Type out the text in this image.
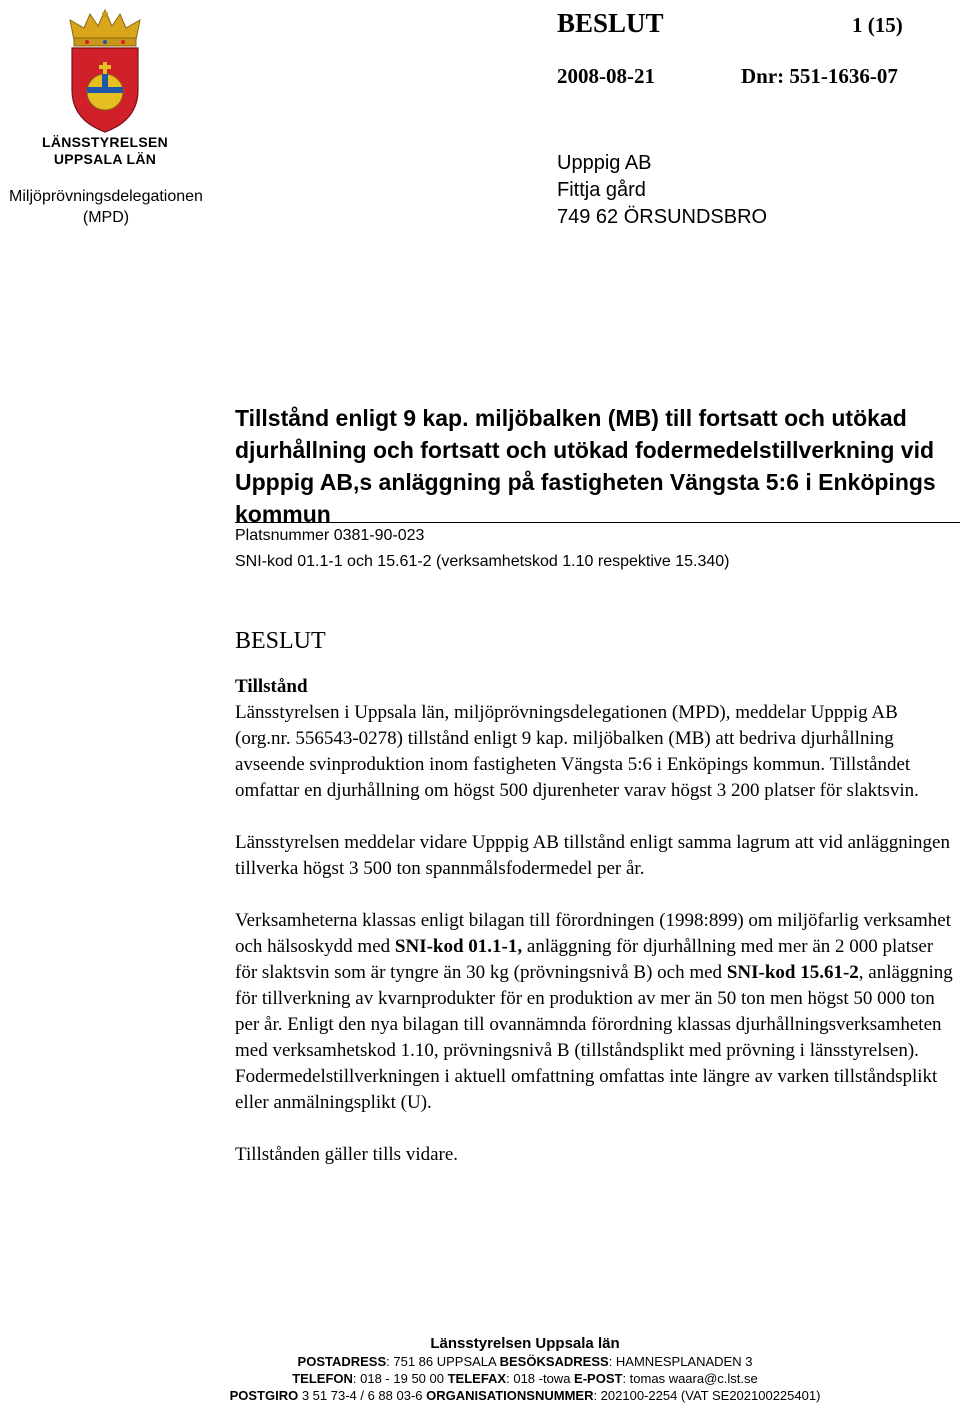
LÄNSSTYRELSEN
UPPSALA LÄN
Miljöprövningsdelegationen
(MPD)
BESLUT	1 (15)
2008-08-21	Dnr: 551-1636-07
Upppig AB
Fittja gård
749 62 ÖRSUNDSBRO
Tillstånd enligt 9 kap. miljöbalken (MB) till fortsatt och utökad djurhållning och fortsatt och utökad fodermedelstillverkning vid Upppig AB,s anläggning på fastigheten Vängsta 5:6 i Enköpings kommun
Platsnummer 0381-90-023
SNI-kod 01.1-1 och 15.61-2 (verksamhetskod 1.10 respektive 15.340)
BESLUT
Tillstånd

Länsstyrelsen i Uppsala län, miljöprövningsdelegationen (MPD), meddelar Upppig AB (org.nr. 556543-0278) tillstånd enligt 9 kap. miljöbalken (MB) att bedriva djurhållning avseende svinproduktion inom fastigheten Vängsta 5:6 i Enköpings kommun. Tillståndet omfattar en djurhållning om högst 500 djurenheter varav högst 3 200 platser för slaktsvin.

Länsstyrelsen meddelar vidare Upppig AB tillstånd enligt samma lagrum att vid anläggningen tillverka högst 3 500 ton spannmålsfodermedel per år.

Verksamheterna klassas enligt bilagan till förordningen (1998:899) om miljöfarlig verksamhet och hälsoskydd med SNI-kod 01.1-1, anläggning för djurhållning med mer än 2 000 platser för slaktsvin som är tyngre än 30 kg (prövningsnivå B) och med SNI-kod 15.61-2, anläggning för tillverkning av kvarnprodukter för en produktion av mer än 50 ton men högst 50 000 ton per år. Enligt den nya bilagan till ovannämnda förordning klassas djurhållningsverksamheten med verksamhetskod 1.10, prövningsnivå B (tillståndsplikt med prövning i länsstyrelsen). Fodermedelstillverkningen i aktuell omfattning omfattas inte längre av varken tillståndsplikt eller anmälningsplikt (U).

Tillstånden gäller tills vidare.

Länsstyrelsen Uppsala län
POSTADRESS: 751 86 UPPSALA BESÖKSADRESS: HAMNESPLANADEN 3
TELEFON: 018 - 19 50 00 TELEFAX: 018 -towa E-POST: tomas waara@c.lst.se
POSTGIRO 3 51 73-4 / 6 88 03-6 ORGANISATIONSNUMMER: 202100-2254 (VAT SE202100225401)
